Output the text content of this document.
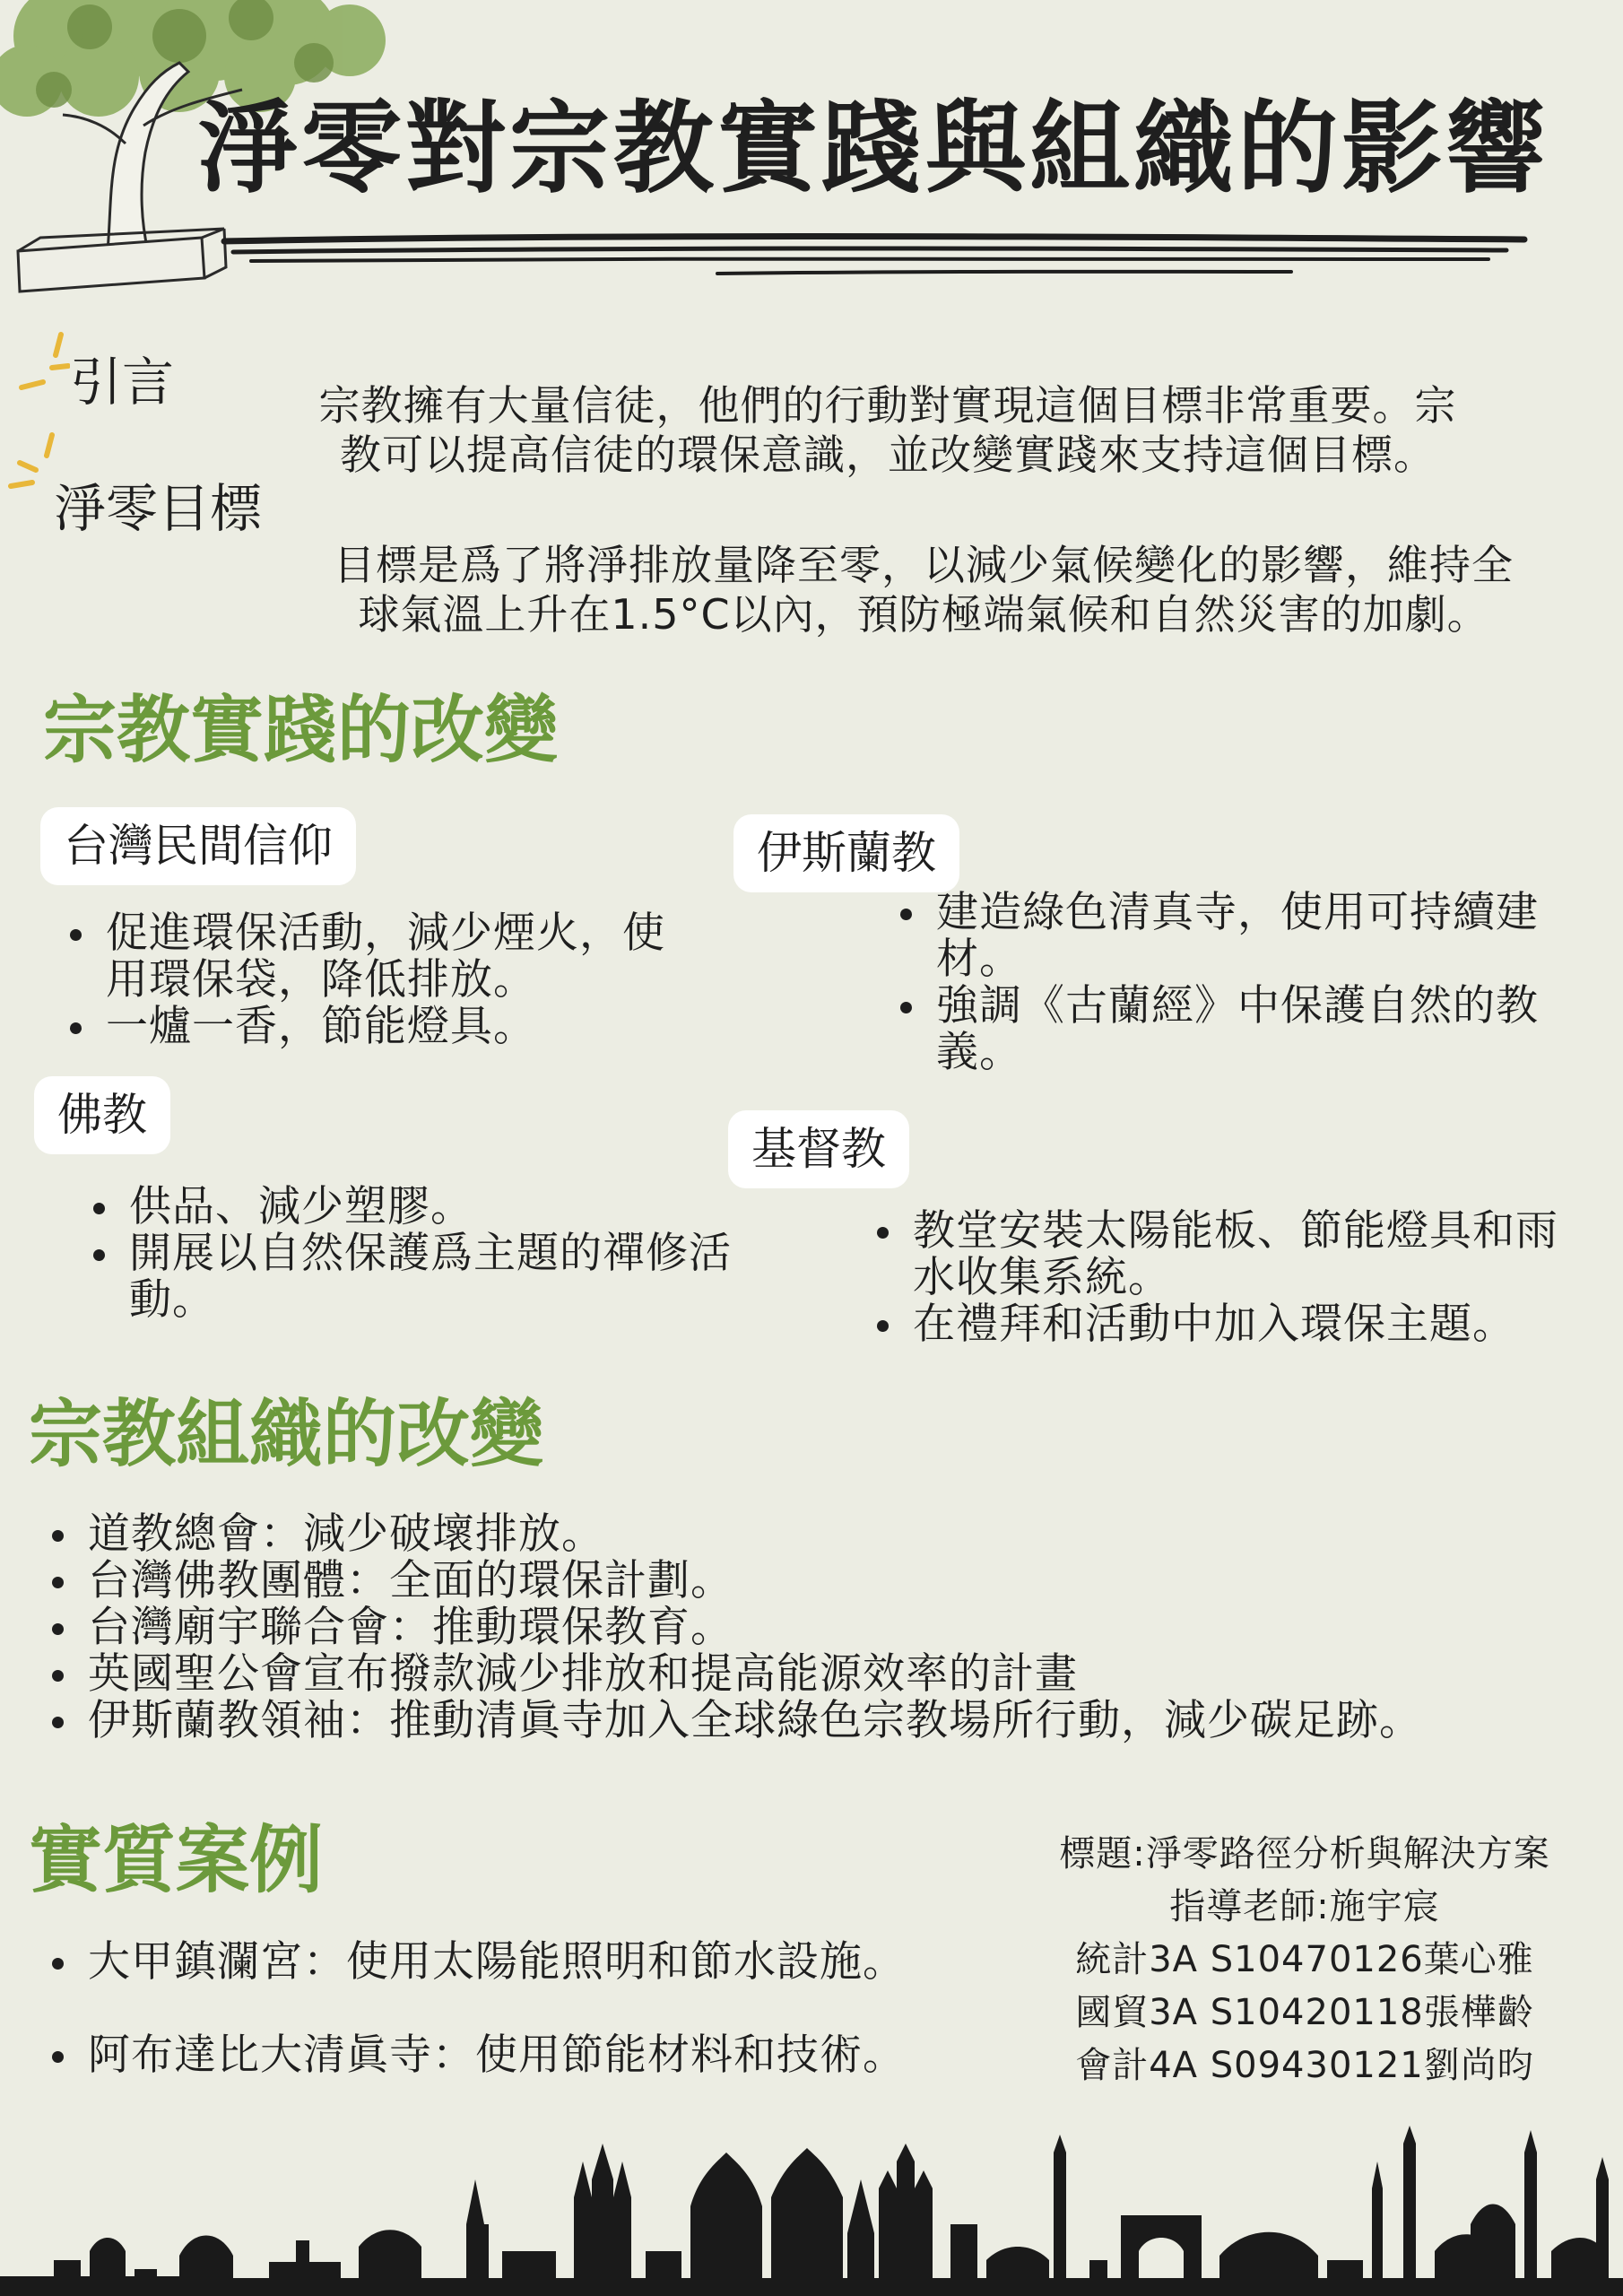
淨零對宗教實踐與組織的影響
引言	宗教擁有大量信徒，他們的行動對實現這個目標非常重要。宗

教可以提高信徒的環保意識，並改變實踐來支持這個目標。

淨零目標

目標是爲了將淨排放量降至零，以減少氣候變化的影響，維持全

球氣溫上升在1.5°C以內，預防極端氣候和自然災害的加劇。

宗教實踐的改變
台灣民間信仰
促進環保活動，減少煙火，使用環保袋，降低排放。
一爐一香，節能燈具。
伊斯蘭教
建造綠色清真寺，使用可持續建材。
強調《古蘭經》中保護自然的教義。
佛教
供品、減少塑膠。
開展以自然保護爲主題的禪修活動。
基督教
教堂安裝太陽能板、節能燈具和雨水收集系統。
在禮拜和活動中加入環保主題。
宗教組織的改變
道教總會：減少破壞排放。
台灣佛教團體：全面的環保計劃。
台灣廟宇聯合會：推動環保教育。
英國聖公會宣布撥款減少排放和提高能源效率的計畫
伊斯蘭教領袖：推動清眞寺加入全球綠色宗教場所行動，減少碳足跡。
實質案例
大甲鎮瀾宮：使用太陽能照明和節水設施。
阿布達比大清眞寺：使用節能材料和技術。
標題:淨零路徑分析與解決方案
指導老師:施宇宸
統計3A S10470126葉心雅
國貿3A S10420118張樺齡
會計4A S09430121劉尚昀
